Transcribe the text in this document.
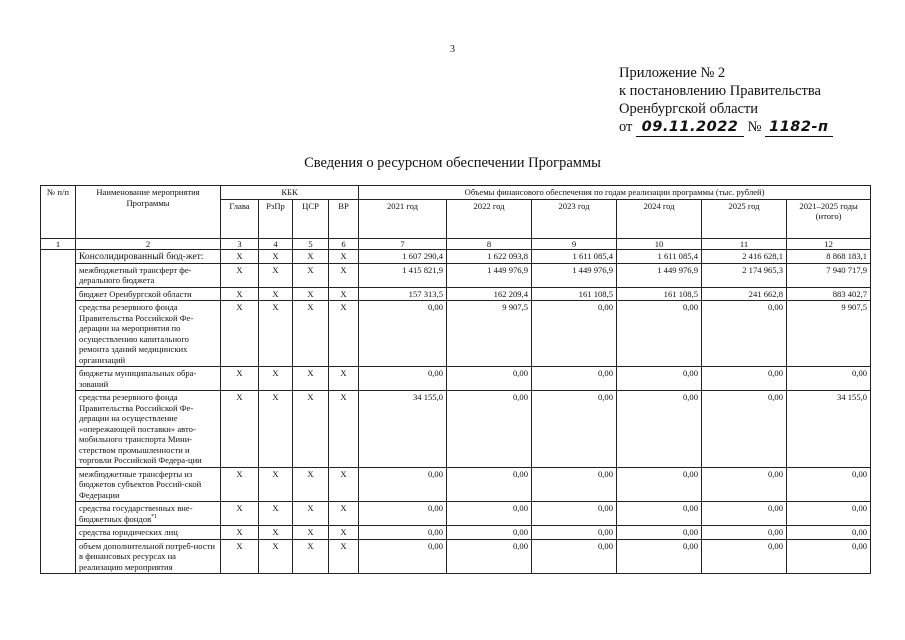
3
Приложение № 2
к постановлению Правительства
Оренбургской области
от 09.11.2022 № 1182-п
Сведения о ресурсном обеспечении Программы
№ п/п	Наименование мероприятия Программы	КБК				Объемы финансового обеспечения по годам реализации программы (тыс. рублей)					
		Глава	РзПр	ЦСР	ВР	2021 год	2022 год	2023 год	2024 год	2025 год	2021–2025 годы (итого)
1	2	3	4	5	6	7	8	9	10	11	12
	Консолидированный бюд-жет:	Х	Х	Х	Х	1 607 290,4	1 622 093,8	1 611 085,4	1 611 085,4	2 416 628,1	8 868 183,1
	межбюджетный трансферт фе-дерального бюджета	Х	Х	Х	Х	1 415 821,9	1 449 976,9	1 449 976,9	1 449 976,9	2 174 965,3	7 940 717,9
	бюджет Оренбургской области	Х	Х	Х	Х	157 313,5	162 209,4	161 108,5	161 108,5	241 662,8	883 402,7
	средства резервного фонда Правительства Российской Фе-дерации на мероприятия по осуществлению капитального ремонта зданий медицинских организаций	Х	Х	Х	Х	0,00	9 907,5	0,00	0,00	0,00	9 907,5
	бюджеты муниципальных обра-зований	Х	Х	Х	Х	0,00	0,00	0,00	0,00	0,00	0,00
	средства резервного фонда Правительства Российской Фе-дерации на осуществление «опережающей поставки» авто-мобильного транспорта Мини-стерством промышленности и торговли Российской Федера-ции	Х	Х	Х	Х	34 155,0	0,00	0,00	0,00	0,00	34 155,0
	межбюджетные трансферты из бюджетов субъектов Россий-ской Федерации	Х	Х	Х	Х	0,00	0,00	0,00	0,00	0,00	0,00
	средства государственных вне-бюджетных фондов$^{*1}$	Х	Х	Х	Х	0,00	0,00	0,00	0,00	0,00	0,00
	средства юридических лиц	Х	Х	Х	Х	0,00	0,00	0,00	0,00	0,00	0,00
	объем дополнительной потреб-ности в финансовых ресурсах на реализацию мероприятия	Х	Х	Х	Х	0,00	0,00	0,00	0,00	0,00	0,00
